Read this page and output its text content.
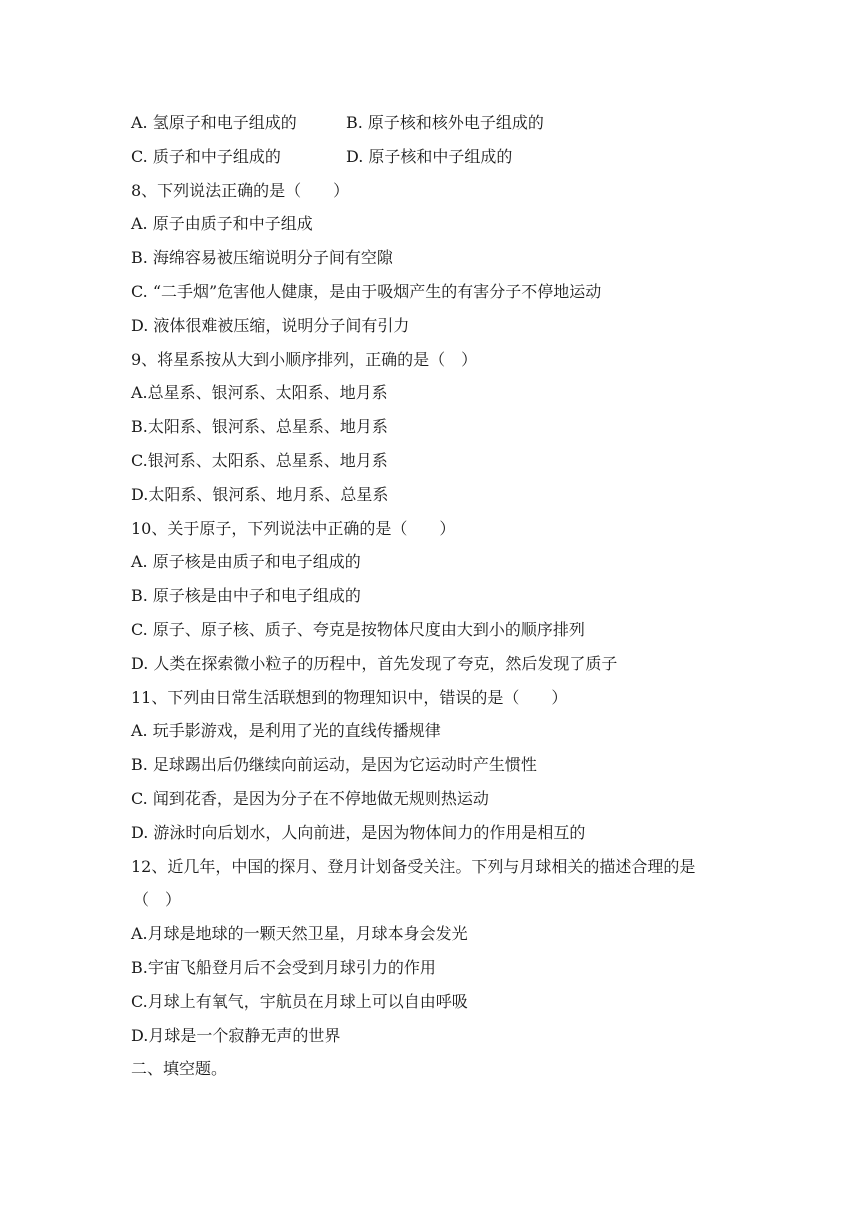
A. 氢原子和电子组成的	B. 原子核和核外电子组成的
C. 质子和中子组成的	D. 原子核和中子组成的
8、下列说法正确的是（　　）
A. 原子由质子和中子组成
B. 海绵容易被压缩说明分子间有空隙
C. “二手烟”危害他人健康，是由于吸烟产生的有害分子不停地运动
D. 液体很难被压缩，说明分子间有引力
9、将星系按从大到小顺序排列，正确的是（　）
A.总星系、银河系、太阳系、地月系
B.太阳系、银河系、总星系、地月系
C.银河系、太阳系、总星系、地月系
D.太阳系、银河系、地月系、总星系
10、关于原子，下列说法中正确的是（　　）
A. 原子核是由质子和电子组成的
B. 原子核是由中子和电子组成的
C. 原子、原子核、质子、夸克是按物体尺度由大到小的顺序排列
D. 人类在探索微小粒子的历程中，首先发现了夸克，然后发现了质子
11、下列由日常生活联想到的物理知识中，错误的是（　　）
A. 玩手影游戏，是利用了光的直线传播规律
B. 足球踢出后仍继续向前运动，是因为它运动时产生惯性
C. 闻到花香，是因为分子在不停地做无规则热运动
D. 游泳时向后划水，人向前进，是因为物体间力的作用是相互的
12、近几年，中国的探月、登月计划备受关注。下列与月球相关的描述合理的是
（　）
A.月球是地球的一颗天然卫星，月球本身会发光
B.宇宙飞船登月后不会受到月球引力的作用
C.月球上有氧气，宇航员在月球上可以自由呼吸
D.月球是一个寂静无声的世界
二、填空题。
